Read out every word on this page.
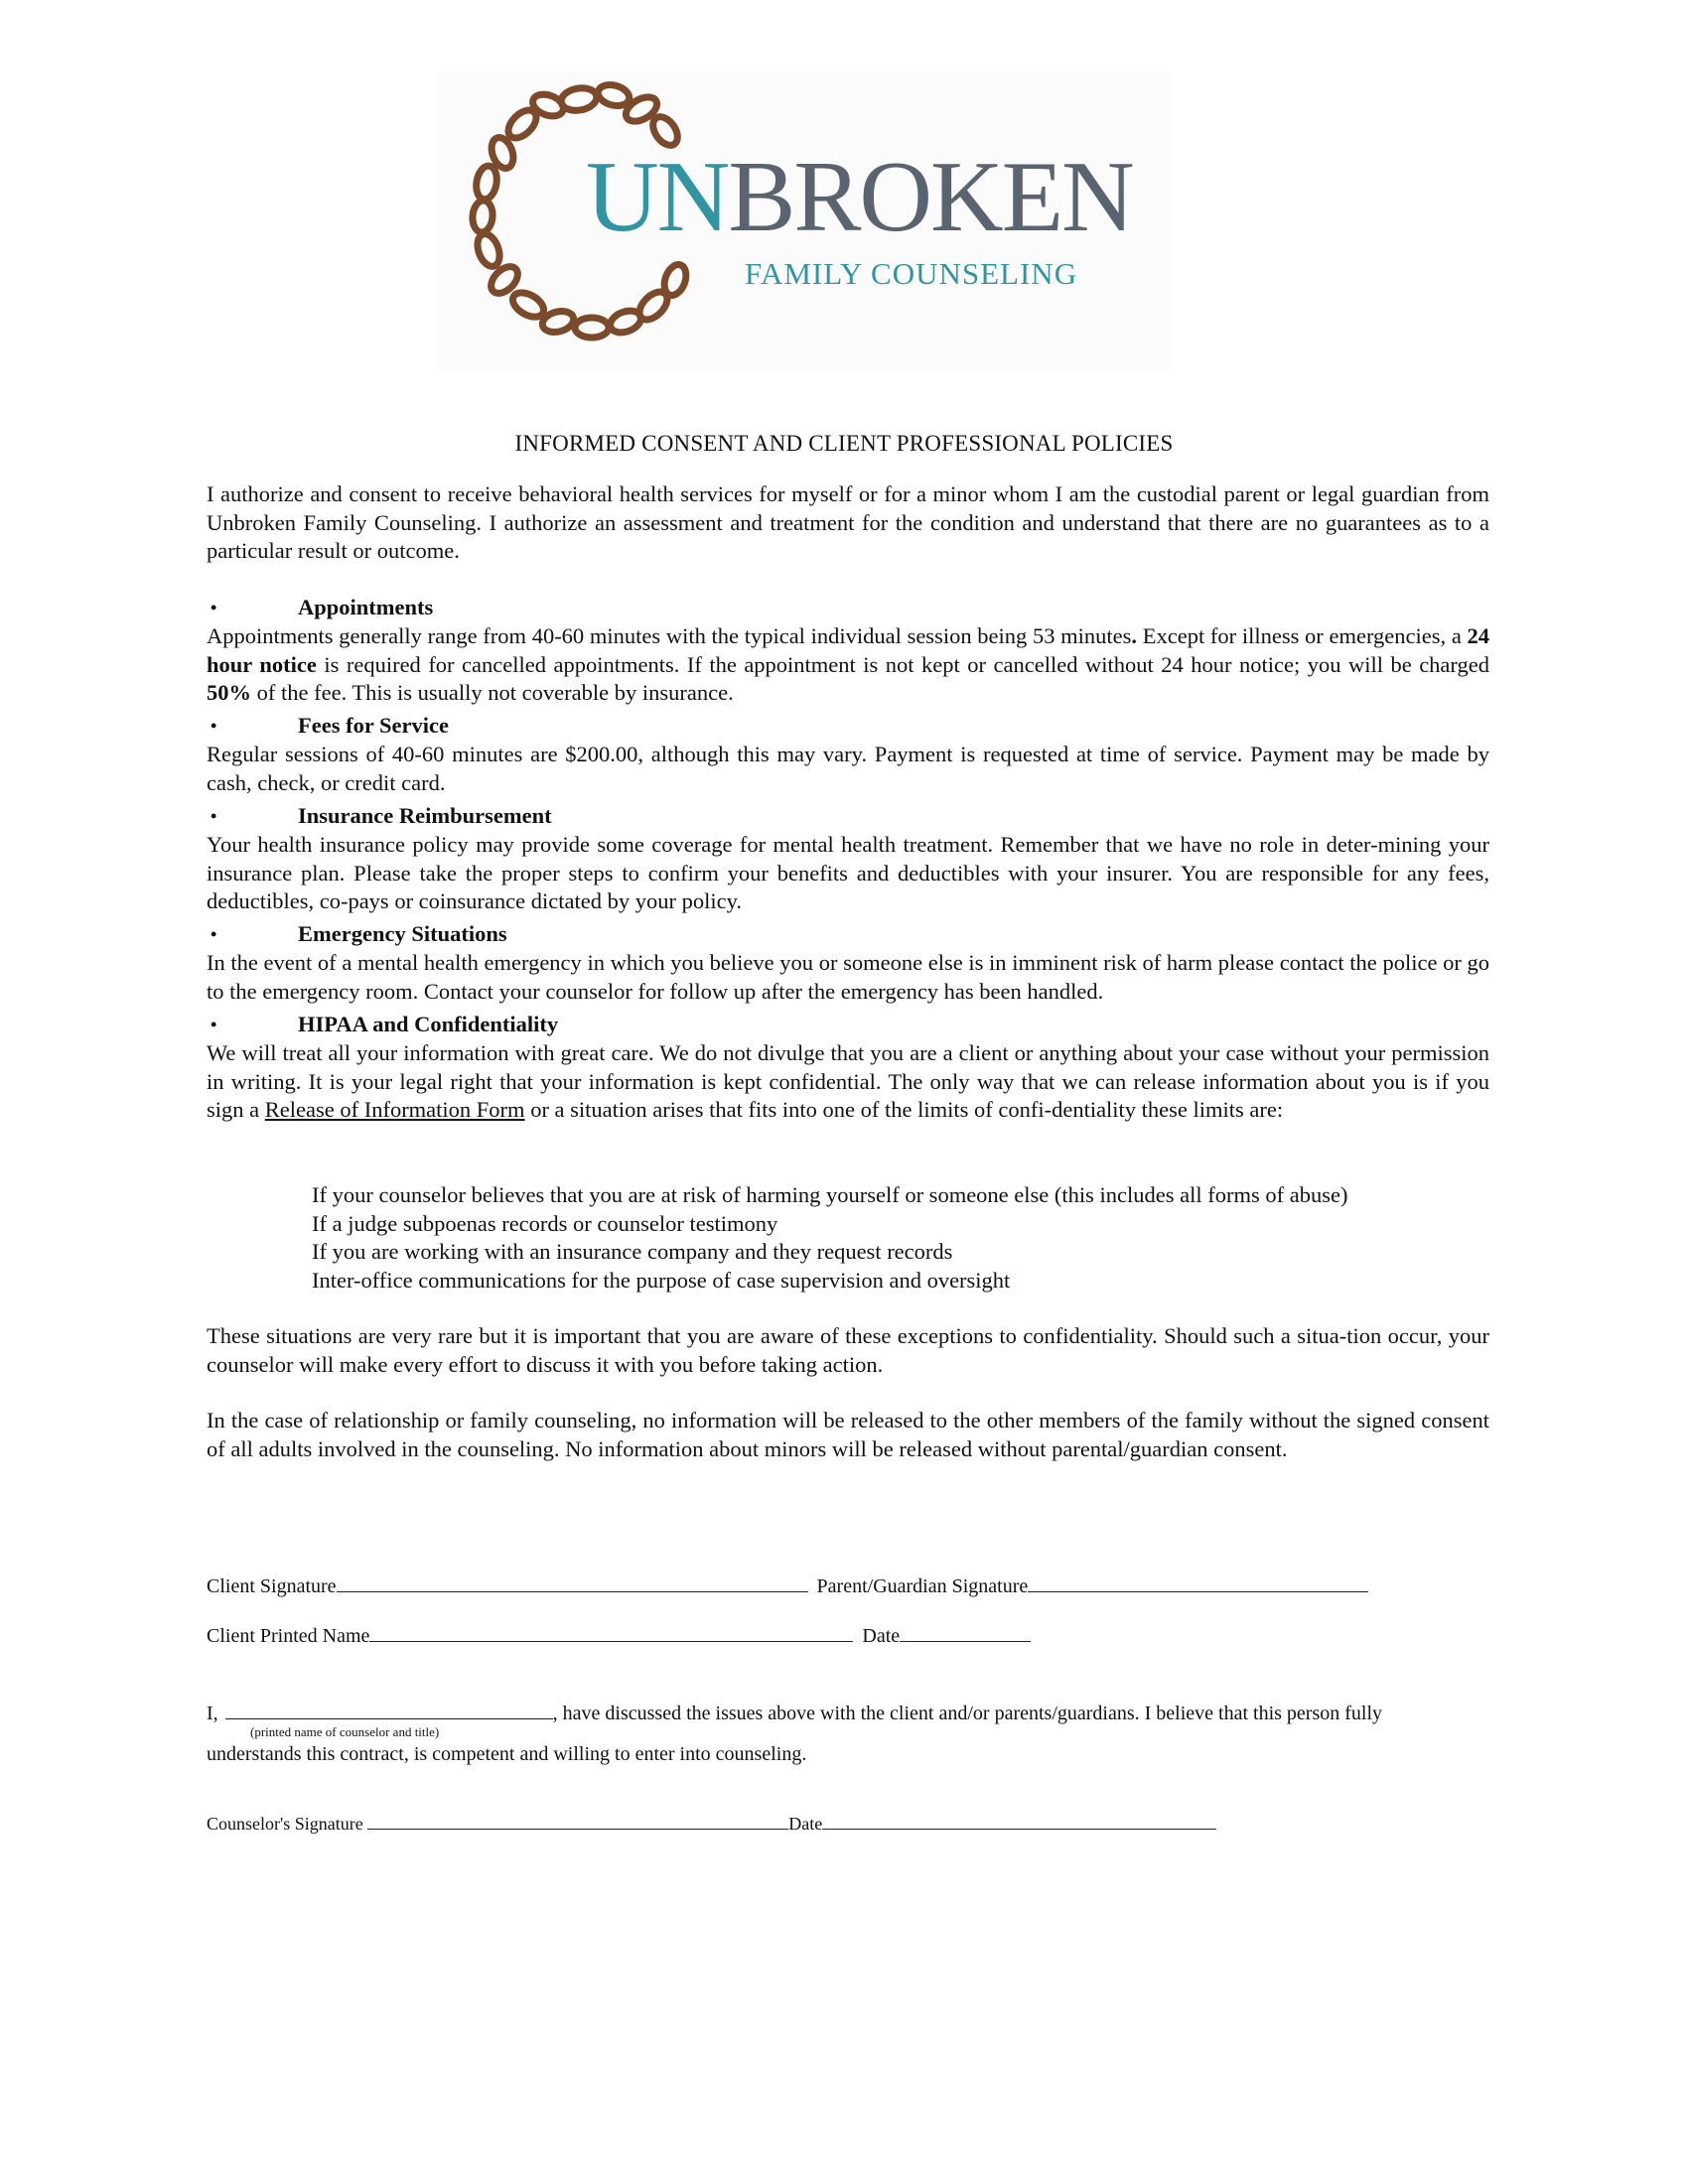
UNBROKEN
FAMILY COUNSELING
INFORMED CONSENT AND CLIENT PROFESSIONAL POLICIES
I authorize and consent to receive behavioral health services for myself or for a minor whom I am the custodial parent or legal guardian from Unbroken Family Counseling. I authorize an assessment and treatment for the condition and understand that there are no guarantees as to a particular result or outcome.
•	Appointments
Appointments generally range from 40-60 minutes with the typical individual session being 53 minutes. Except for illness or emergencies, a 24 hour notice is required for cancelled appointments. If the appointment is not kept or cancelled without 24 hour notice; you will be charged 50% of the fee. This is usually not coverable by insurance.
•	Fees for Service
Regular sessions of 40-60 minutes are $200.00, although this may vary. Payment is requested at time of service. Payment may be made by cash, check, or credit card.
•	Insurance Reimbursement
Your health insurance policy may provide some coverage for mental health treatment. Remember that we have no role in deter-mining your insurance plan. Please take the proper steps to confirm your benefits and deductibles with your insurer. You are responsible for any fees, deductibles, co-pays or coinsurance dictated by your policy.
•	Emergency Situations
In the event of a mental health emergency in which you believe you or someone else is in imminent risk of harm please contact the police or go to the emergency room. Contact your counselor for follow up after the emergency has been handled.
•	HIPAA and Confidentiality
We will treat all your information with great care. We do not divulge that you are a client or anything about your case without your permission in writing. It is your legal right that your information is kept confidential. The only way that we can release information about you is if you sign a Release of Information Form or a situation arises that fits into one of the limits of confi-dentiality these limits are:
If your counselor believes that you are at risk of harming yourself or someone else (this includes all forms of abuse)
If a judge subpoenas records or counselor testimony
If you are working with an insurance company and they request records
Inter-office communications for the purpose of case supervision and oversight
These situations are very rare but it is important that you are aware of these exceptions to confidentiality. Should such a situa-tion occur, your counselor will make every effort to discuss it with you before taking action.
In the case of relationship or family counseling, no information will be released to the other members of the family without the signed consent of all adults involved in the counseling. No information about minors will be released without parental/guardian consent.
Client Signature	Parent/Guardian Signature
Client Printed Name	Date
I,	, have discussed the issues above with the client and/or parents/guardians. I believe that this person fully
(printed name of counselor and title)
understands this contract, is competent and willing to enter into counseling.
Counselor's Signature	Date
